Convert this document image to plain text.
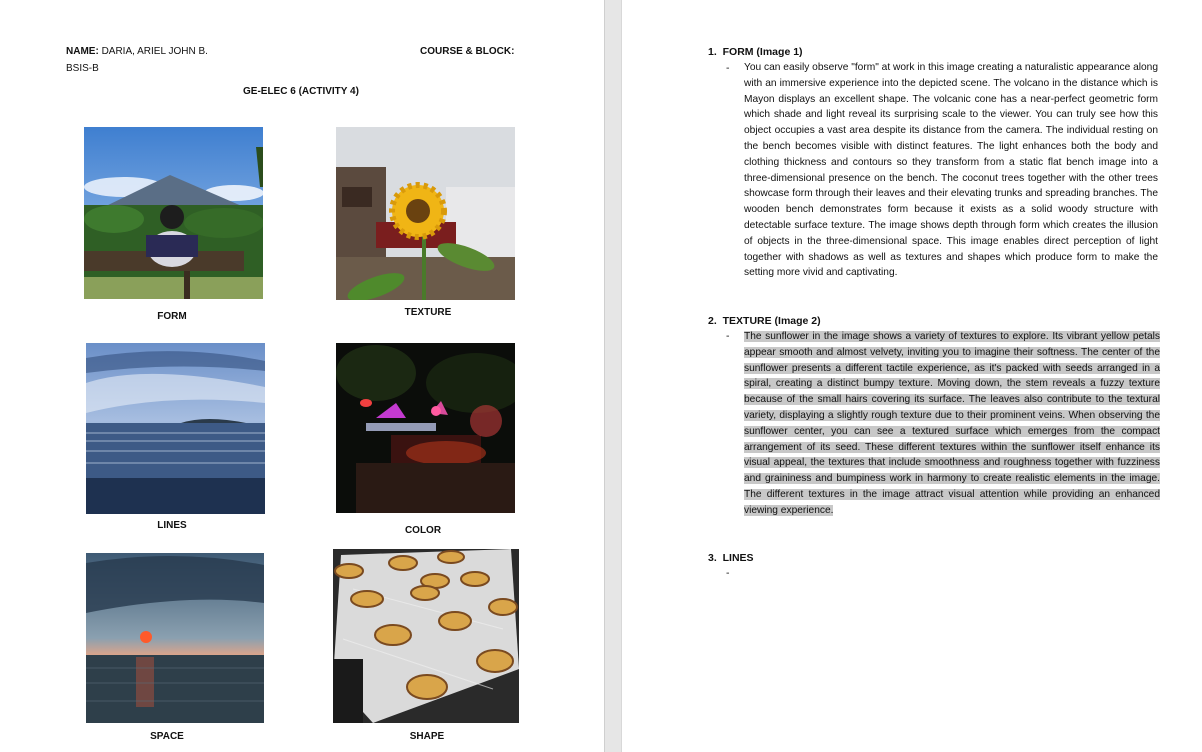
NAME: DARIA, ARIEL JOHN B.
BSIS-B
COURSE & BLOCK:
GE-ELEC 6 (ACTIVITY 4)
FORM	TEXTURE
LINES	COLOR
SPACE	SHAPE
1. FORM (Image 1)
- You can easily observe "form" at work in this image creating a naturalistic appearance along with an immersive experience into the depicted scene. The volcano in the distance which is Mayon displays an excellent shape. The volcanic cone has a near-perfect geometric form which shade and light reveal its surprising scale to the viewer. You can truly see how this object occupies a vast area despite its distance from the camera. The individual resting on the bench becomes visible with distinct features. The light enhances both the body and clothing thickness and contours so they transform from a static flat bench image into a three-dimensional presence on the bench. The coconut trees together with the other trees showcase form through their leaves and their elevating trunks and spreading branches. The wooden bench demonstrates form because it exists as a solid woody structure with detectable surface texture. The image shows depth through form which creates the illusion of objects in the three-dimensional space. This image enables direct perception of light together with shadows as well as textures and shapes which produce form to make the setting more vivid and captivating.
2. TEXTURE (Image 2)
- The sunflower in the image shows a variety of textures to explore. Its vibrant yellow petals appear smooth and almost velvety, inviting you to imagine their softness. The center of the sunflower presents a different tactile experience, as it's packed with seeds arranged in a spiral, creating a distinct bumpy texture. Moving down, the stem reveals a fuzzy texture because of the small hairs covering its surface. The leaves also contribute to the textural variety, displaying a slightly rough texture due to their prominent veins. When observing the sunflower center, you can see a textured surface which emerges from the compact arrangement of its seed. These different textures within the sunflower itself enhance its visual appeal, the textures that include smoothness and roughness together with fuzziness and graininess and bumpiness work in harmony to create realistic elements in the image. The different textures in the image attract visual attention while providing an enhanced viewing experience.
3. LINES
-
